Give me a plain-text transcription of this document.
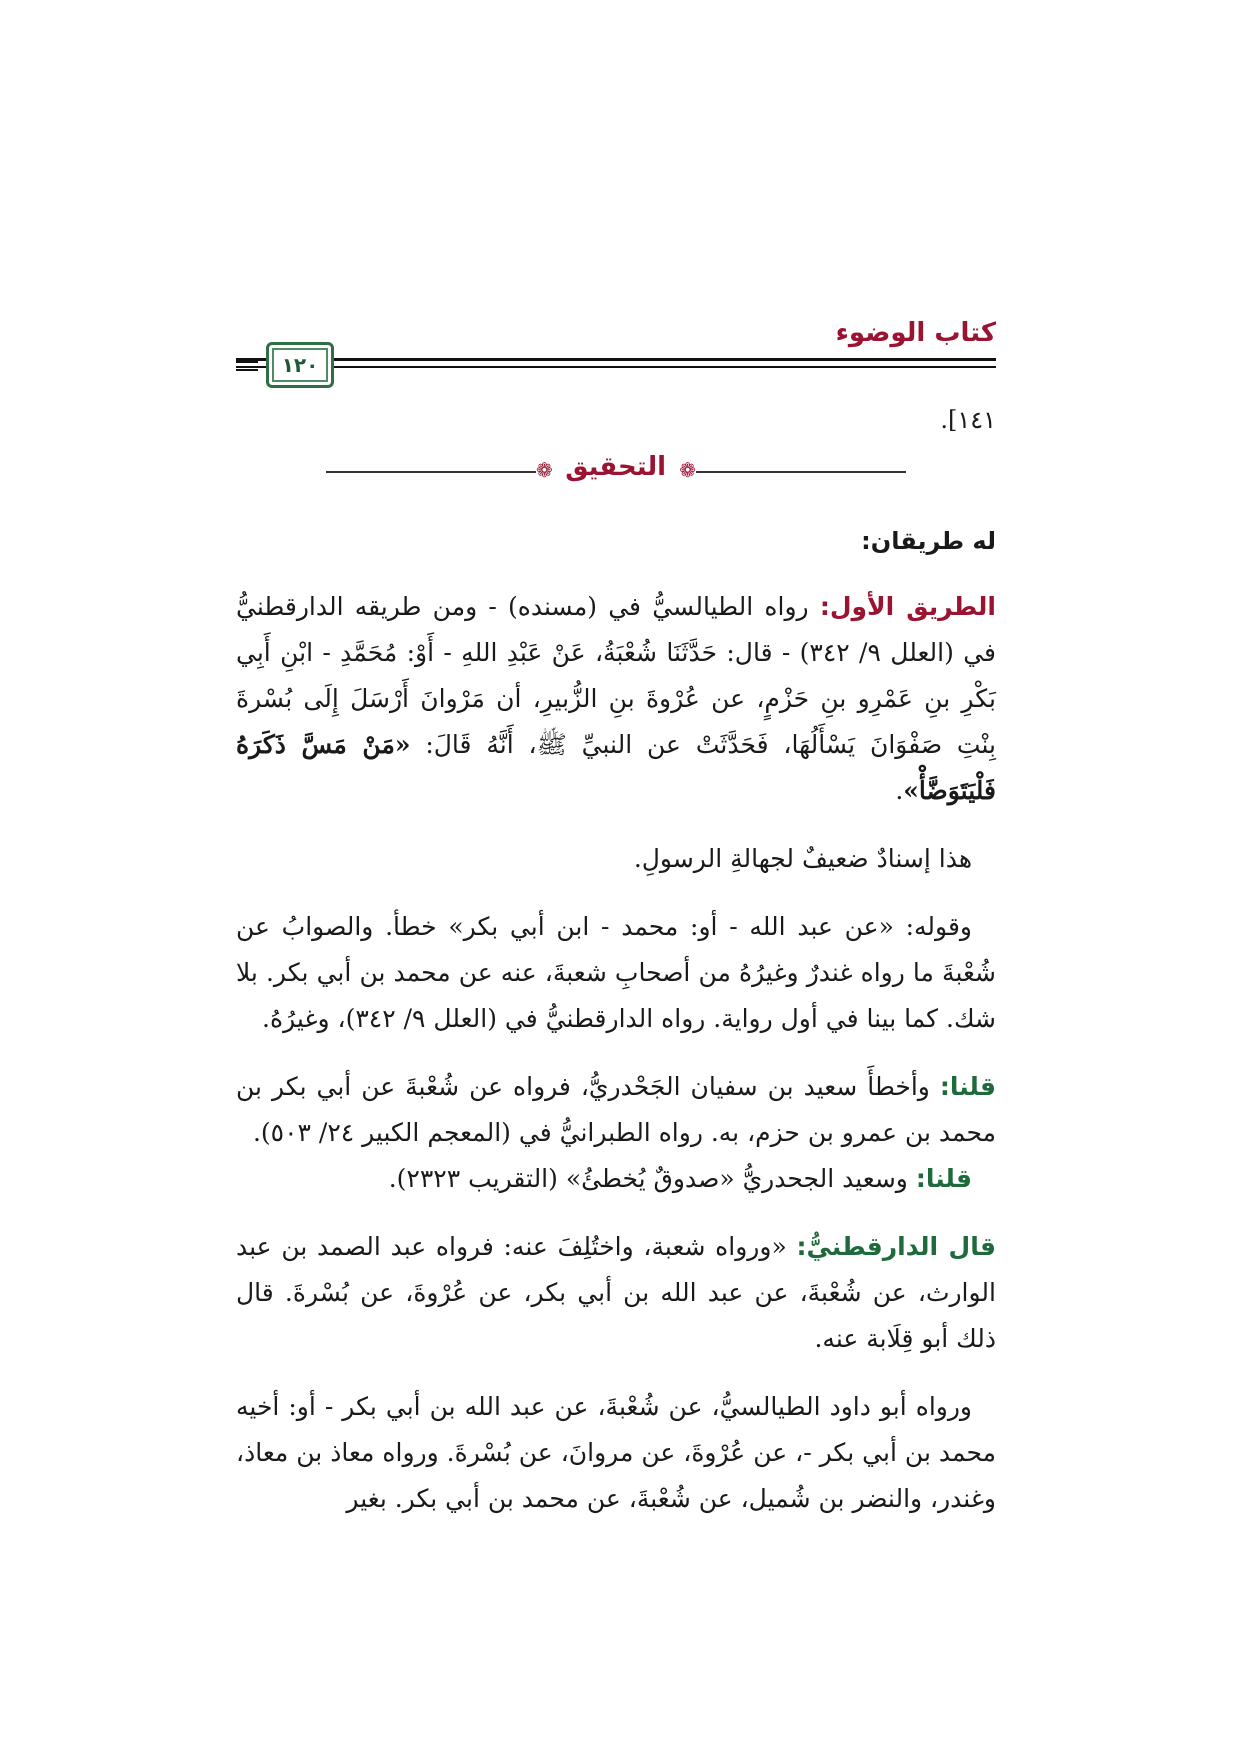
كتاب الوضوء
١٢٠
١٤١].
❁ التحقيق ❁

له طريقان:

الطريق الأول: رواه الطيالسيُّ في (مسنده) - ومن طريقه الدارقطنيُّ في (العلل ٩/ ٣٤٢) - قال: حَدَّثَنَا شُعْبَةُ، عَنْ عَبْدِ اللهِ - أَوْ: مُحَمَّدِ - ابْنِ أَبِي بَكْرِ بنِ عَمْرِو بنِ حَزْمٍ، عن عُرْوةَ بنِ الزُّبيرِ، أن مَرْوانَ أَرْسَلَ إِلَى بُسْرةَ بِنْتِ صَفْوَانَ يَسْأَلُهَا، فَحَدَّثَتْ عن النبيِّ ﷺ، أَنَّهُ قَالَ: «مَنْ مَسَّ ذَكَرَهُ فَلْيَتَوَضَّأْ».

هذا إسنادٌ ضعيفٌ لجهالةِ الرسولِ.

وقوله: «عن عبد الله - أو: محمد - ابن أبي بكر» خطأ. والصوابُ عن شُعْبةَ ما رواه غندرٌ وغيرُهُ من أصحابِ شعبةَ، عنه عن محمد بن أبي بكر. بلا شك. كما بينا في أول رواية. رواه الدارقطنيُّ في (العلل ٩/ ٣٤٢)، وغيرُهُ.

قلنا: وأخطأَ سعيد بن سفيان الجَحْدريُّ، فرواه عن شُعْبةَ عن أبي بكر بن محمد بن عمرو بن حزم، به. رواه الطبرانيُّ في (المعجم الكبير ٢٤/ ٥٠٣).

قلنا: وسعيد الجحدريُّ «صدوقٌ يُخطئُ» (التقريب ٢٣٢٣).

قال الدارقطنيُّ: «ورواه شعبة، واختُلِفَ عنه: فرواه عبد الصمد بن عبد الوارث، عن شُعْبةَ، عن عبد الله بن أبي بكر، عن عُرْوةَ، عن بُسْرةَ. قال ذلك أبو قِلَابة عنه.

ورواه أبو داود الطيالسيُّ، عن شُعْبةَ، عن عبد الله بن أبي بكر - أو: أخيه محمد بن أبي بكر -، عن عُرْوةَ، عن مروانَ، عن بُسْرةَ. ورواه معاذ بن معاذ، وغندر، والنضر بن شُميل، عن شُعْبةَ، عن محمد بن أبي بكر. بغير
